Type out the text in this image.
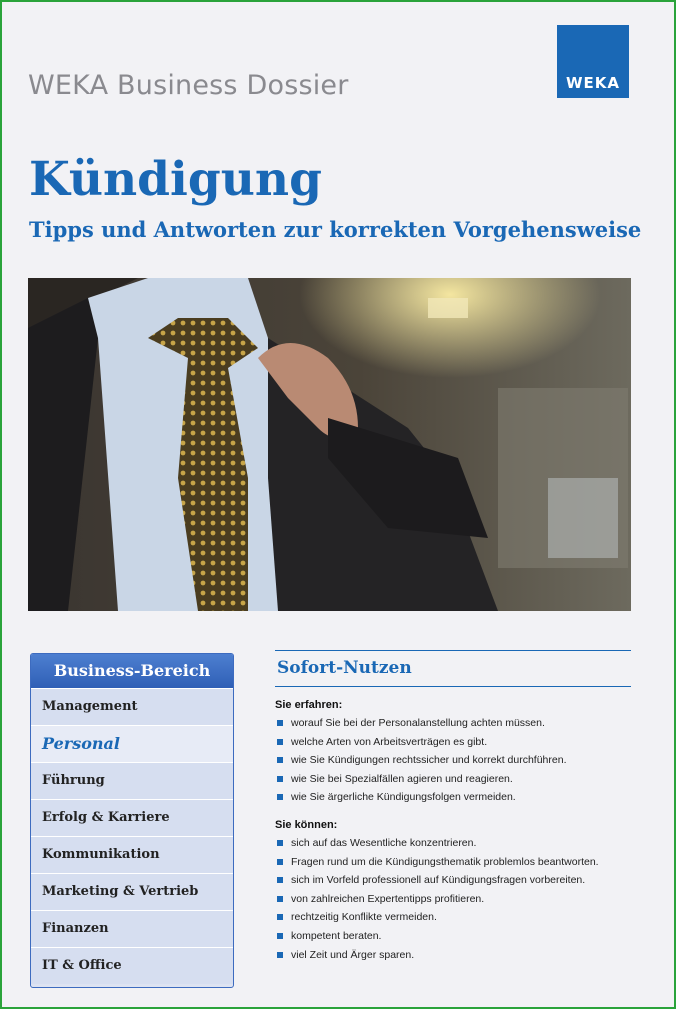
WEKA Business Dossier	WEKA
Kündigung
Tipps und Antworten zur korrekten Vorgehensweise
Business-Bereich
Management
Personal
Führung
Erfolg & Karriere
Kommunikation
Marketing & Vertrieb
Finanzen
IT & Office
Sofort-Nutzen
Sie erfahren:
worauf Sie bei der Personalanstellung achten müssen.
welche Arten von Arbeitsverträgen es gibt.
wie Sie Kündigungen rechtssicher und korrekt durchführen.
wie Sie bei Spezialfällen agieren und reagieren.
wie Sie ärgerliche Kündigungsfolgen vermeiden.
Sie können:
sich auf das Wesentliche konzentrieren.
Fragen rund um die Kündigungsthematik problemlos beantworten.
sich im Vorfeld professionell auf Kündigungsfragen vorbereiten.
von zahlreichen Expertentipps profitieren.
rechtzeitig Konflikte vermeiden.
kompetent beraten.
viel Zeit und Ärger sparen.
